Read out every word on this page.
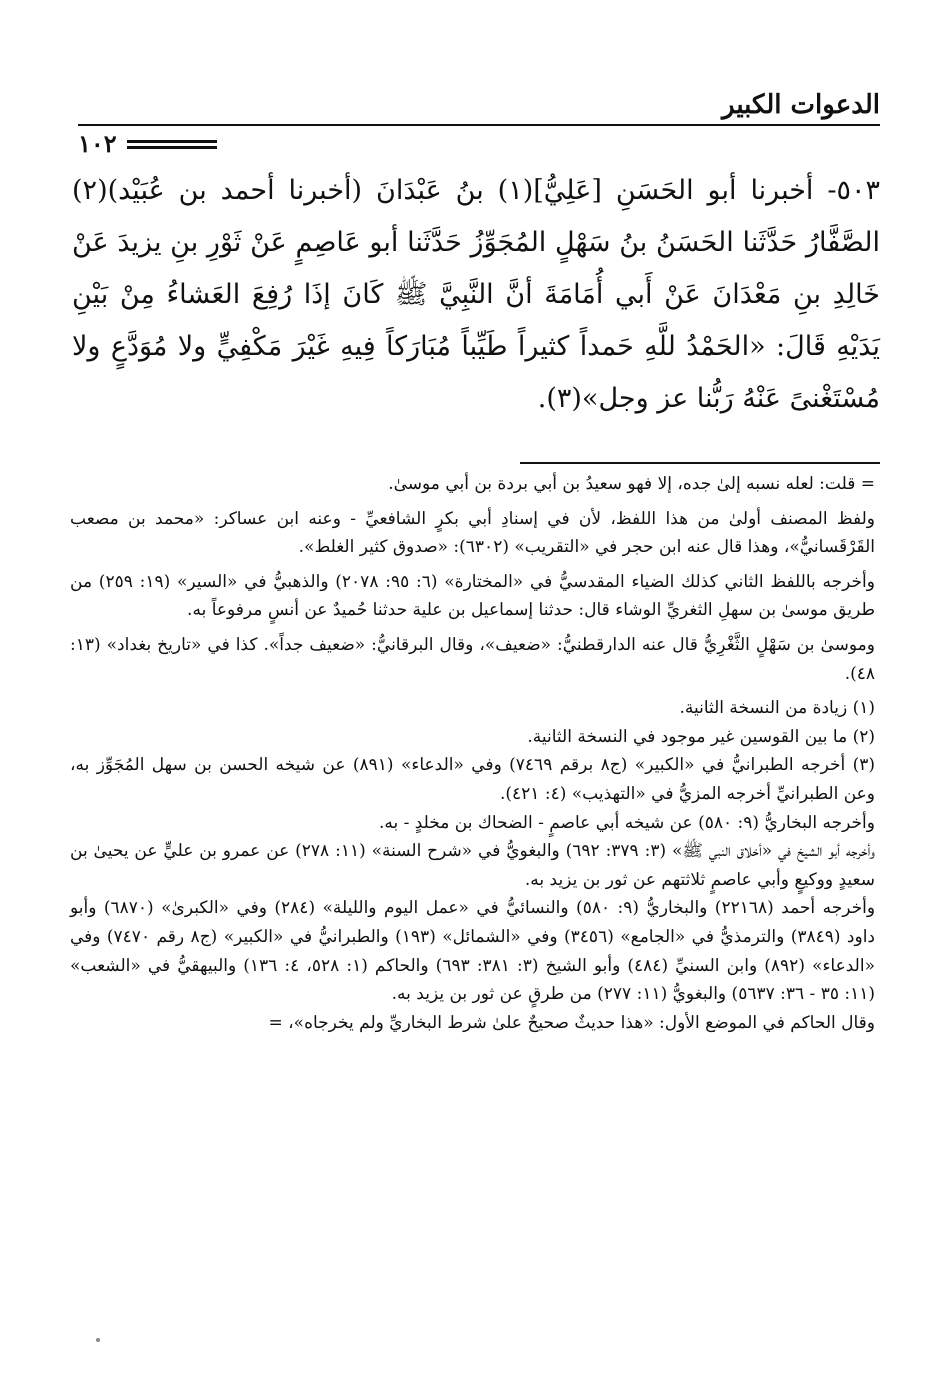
الدعوات الكبير
١٠٢

٥٠٣- أخبرنا أبو الحَسَنِ [عَلِيُّ](١) بنُ عَبْدَانَ (أخبرنا أحمد بن عُبَيْد)(٢) الصَّفَّارُ حَدَّثَنا الحَسَنُ بنُ سَهْلٍ المُجَوِّزُ حَدَّثَنا أبو عَاصِمٍ عَنْ ثَوْرِ بنِ يزيدَ عَنْ خَالِدِ بنِ مَعْدَانَ عَنْ أَبي أُمَامَةَ أنَّ النَّبِيَّ ﷺ كَانَ إذَا رُفِعَ العَشاءُ مِنْ بَيْنِ يَدَيْهِ قَالَ: «الحَمْدُ للَّهِ حَمداً كثيراً طَيِّباً مُبَارَكاً فِيهِ غَيْرَ مَكْفِيٍّ ولا مُوَدَّعٍ ولا مُسْتَغْنىً عَنْهُ رَبُّنا عز وجل»(٣).

= قلت: لعله نسبه إلىٰ جده، إلا فهو سعيدُ بن أبي بردة بن أبي موسىٰ.

ولفظ المصنف أولىٰ من هذا اللفظ، لأن في إسنادِ أبي بكرٍ الشافعيِّ - وعنه ابن عساكر: «محمد بن مصعب القَرْقَسانيُّ»، وهذا قال عنه ابن حجر في «التقريب» (٦٣٠٢): «صدوق كثير الغلط».

وأخرجه باللفظ الثاني كذلك الضياء المقدسيُّ في «المختارة» (٦: ٩٥: ٢٠٧٨) والذهبيُّ في «السير» (١٩: ٢٥٩) من طريق موسىٰ بن سهلِ الثغريِّ الوشاء قال: حدثنا إسماعيل بن علية حدثنا حُميدٌ عن أنسٍ مرفوعاً به.

وموسىٰ بن سَهْلٍ الثَّغْرِيُّ قال عنه الدارقطنيُّ: «ضعيف»، وقال البرقانيُّ: «ضعيف جداً». كذا في «تاريخ بغداد» (١٣: ٤٨).

(١) زيادة من النسخة الثانية.

(٢) ما بين القوسين غير موجود في النسخة الثانية.

(٣) أخرجه الطبرانيُّ في «الكبير» (ج٨ برقم ٧٤٦٩) وفي «الدعاء» (٨٩١) عن شيخه الحسن بن سهل المُجَوِّز به، وعن الطبرانيِّ أخرجه المزيُّ في «التهذيب» (٤: ٤٢١).

وأخرجه البخاريُّ (٩: ٥٨٠) عن شيخه أبي عاصمٍ - الضحاك بن مخلدٍ - به.

وأخرجه أبو الشيخ في «أخلاق النبي ﷺ» (٣: ٣٧٩: ٦٩٢) والبغويُّ في «شرح السنة» (١١: ٢٧٨) عن عمرو بن عليٍّ عن يحيىٰ بن سعيدٍ ووكيعٍ وأبي عاصمٍ ثلاثتهم عن ثور بن يزيد به.

وأخرجه أحمد (٢٢١٦٨) والبخاريُّ (٩: ٥٨٠) والنسائيُّ في «عمل اليوم والليلة» (٢٨٤) وفي «الكبرىٰ» (٦٨٧٠) وأبو داود (٣٨٤٩) والترمذيُّ في «الجامع» (٣٤٥٦) وفي «الشمائل» (١٩٣) والطبرانيُّ في «الكبير» (ج٨ رقم ٧٤٧٠) وفي «الدعاء» (٨٩٢) وابن السنيِّ (٤٨٤) وأبو الشيخ (٣: ٣٨١: ٦٩٣) والحاكم (١: ٥٢٨، ٤: ١٣٦) والبيهقيُّ في «الشعب» (١١: ٣٥ - ٣٦: ٥٦٣٧) والبغويُّ (١١: ٢٧٧) من طرقٍ عن ثور بن يزيد به.

وقال الحاكم في الموضع الأول: «هذا حديثٌ صحيحٌ علىٰ شرط البخاريِّ ولم يخرجاه»، =
